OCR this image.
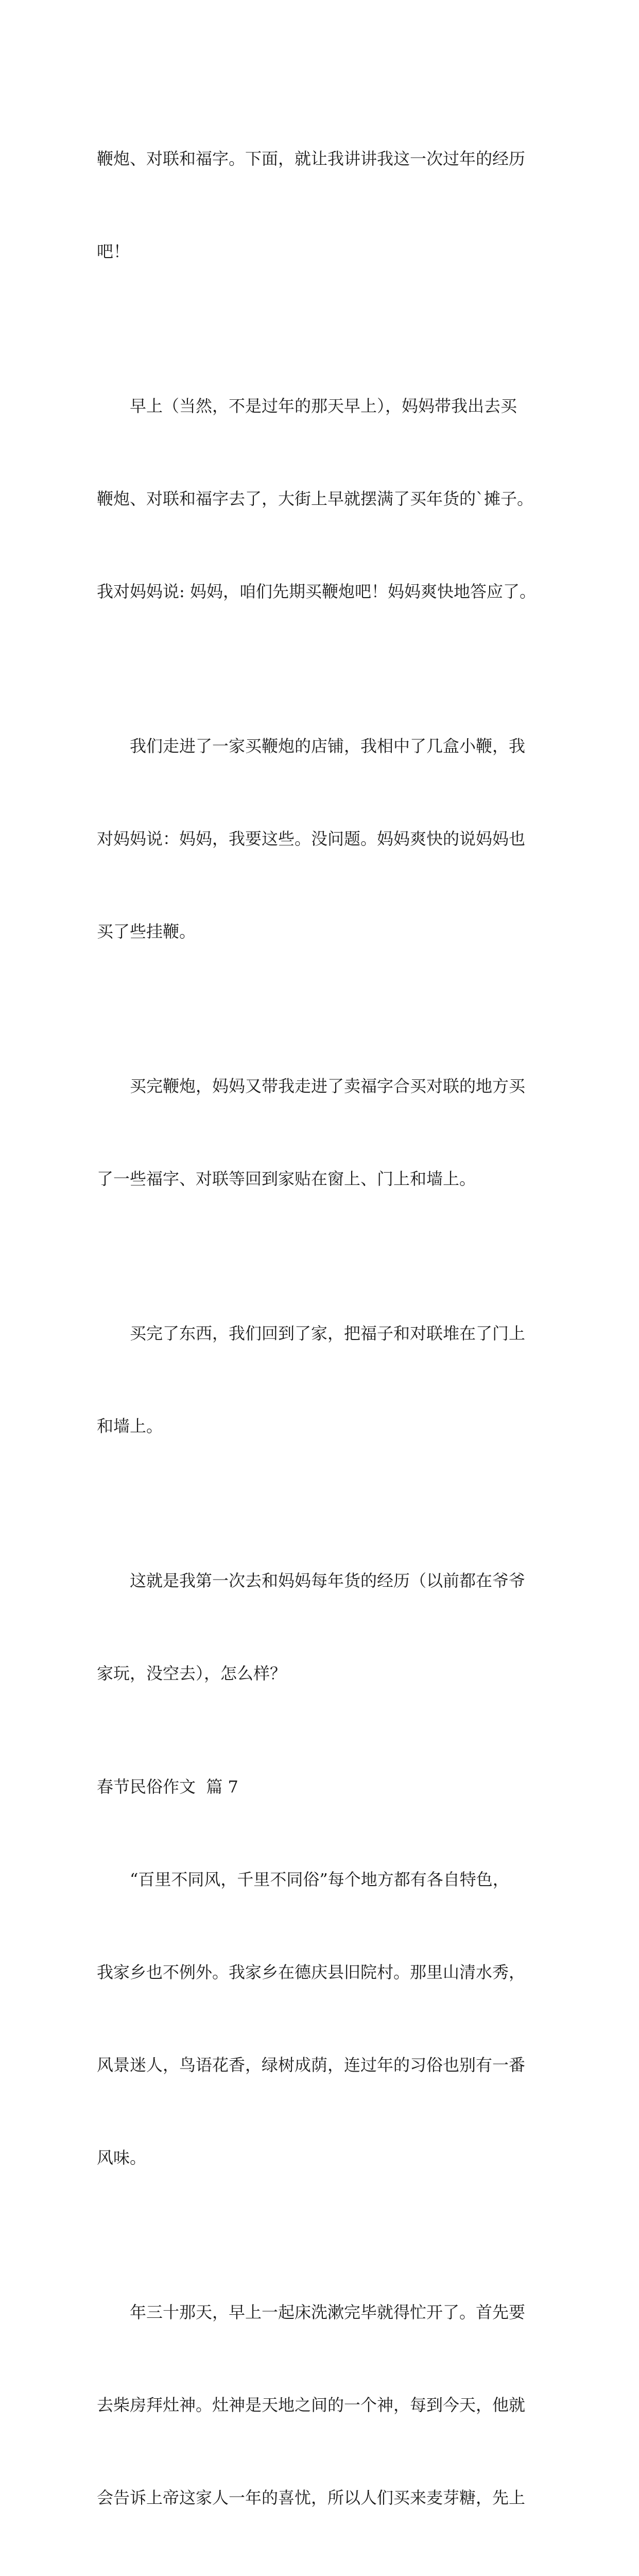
鞭炮、对联和福字。下面，就让我讲讲我这一次过年的经历

吧！

　　早上（当然，不是过年的那天早上），妈妈带我出去买

鞭炮、对联和福字去了，大街上早就摆满了买年货的`摊子。

我对妈妈说: 妈妈，咱们先期买鞭炮吧！妈妈爽快地答应了。

　　我们走进了一家买鞭炮的店铺，我相中了几盒小鞭，我

对妈妈说：妈妈，我要这些。没问题。妈妈爽快的说妈妈也

买了些挂鞭。

　　买完鞭炮，妈妈又带我走进了卖福字合买对联的地方买

了一些福字、对联等回到家贴在窗上、门上和墙上。

　　买完了东西，我们回到了家，把福子和对联堆在了门上

和墙上。

　　这就是我第一次去和妈妈每年货的经历（以前都在爷爷

家玩，没空去），怎么样？

春节民俗作文  篇 7

　　“百里不同风，千里不同俗”每个地方都有各自特色，

我家乡也不例外。我家乡在德庆县旧院村。那里山清水秀，

风景迷人，鸟语花香，绿树成荫，连过年的习俗也别有一番

风味。

　　年三十那天，早上一起床洗漱完毕就得忙开了。首先要

去柴房拜灶神。灶神是天地之间的一个神，每到今天，他就

会告诉上帝这家人一年的喜忧，所以人们买来麦芽糖，先上
